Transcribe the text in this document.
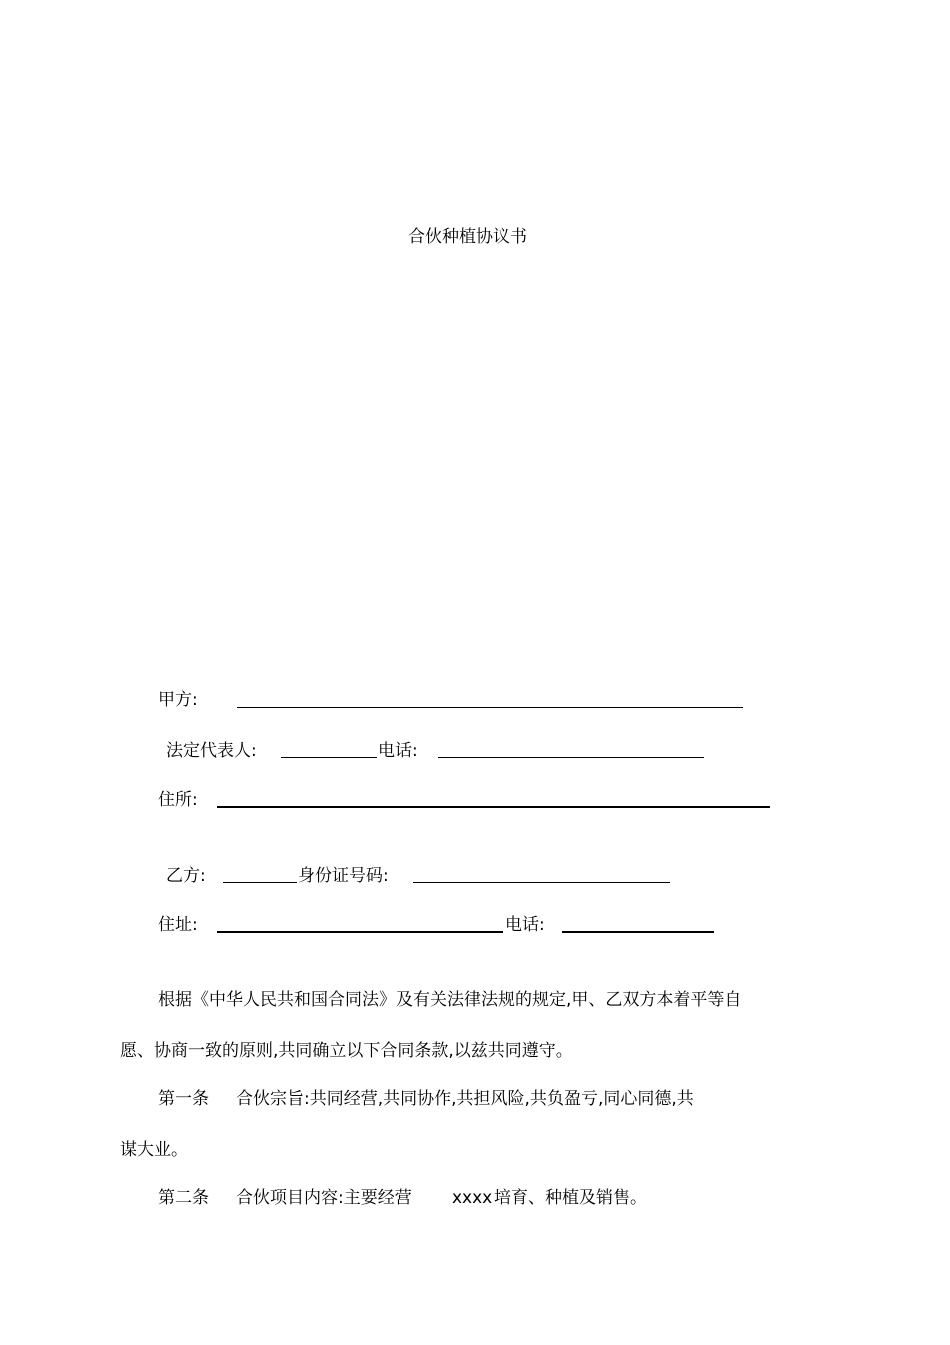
合伙种植协议书
甲方:
法定代表人:	电话:
住所:
乙方:	身份证号码:
住址:	电话:
根据《中华人民共和国合同法》及有关法律法规的规定,甲、乙双方本着平等自
愿、协商一致的原则,共同确立以下合同条款,以兹共同遵守。
第一条 合伙宗旨:共同经营,共同协作,共担风险,共负盈亏,同心同德,共
谋大业。
第二条 合伙项目内容:主要经营 xxxx 培育、种植及销售。
